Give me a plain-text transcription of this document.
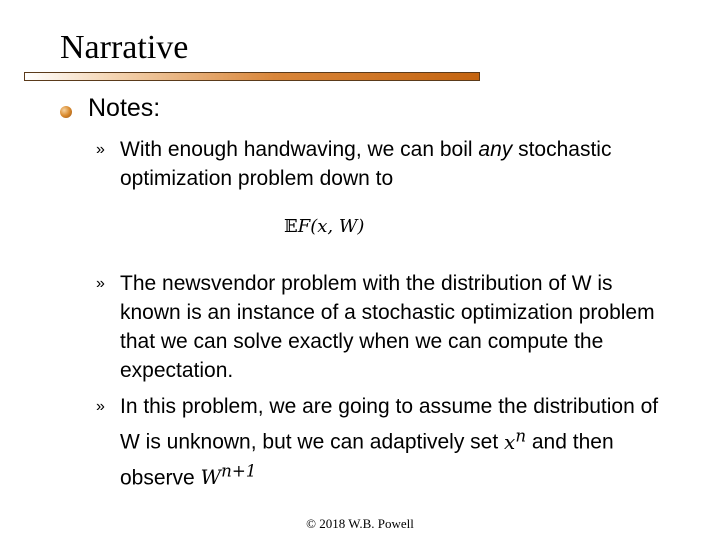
Narrative
Notes:
» With enough handwaving, we can boil any stochastic optimization problem down to
𝔼F(x, W)
» The newsvendor problem with the distribution of W is known is an instance of a stochastic optimization problem that we can solve exactly when we can compute the expectation.
» In this problem, we are going to assume the distribution of W is unknown, but we can adaptively set $x^n$ and then observe $W^{n+1}$
© 2018 W.B. Powell
